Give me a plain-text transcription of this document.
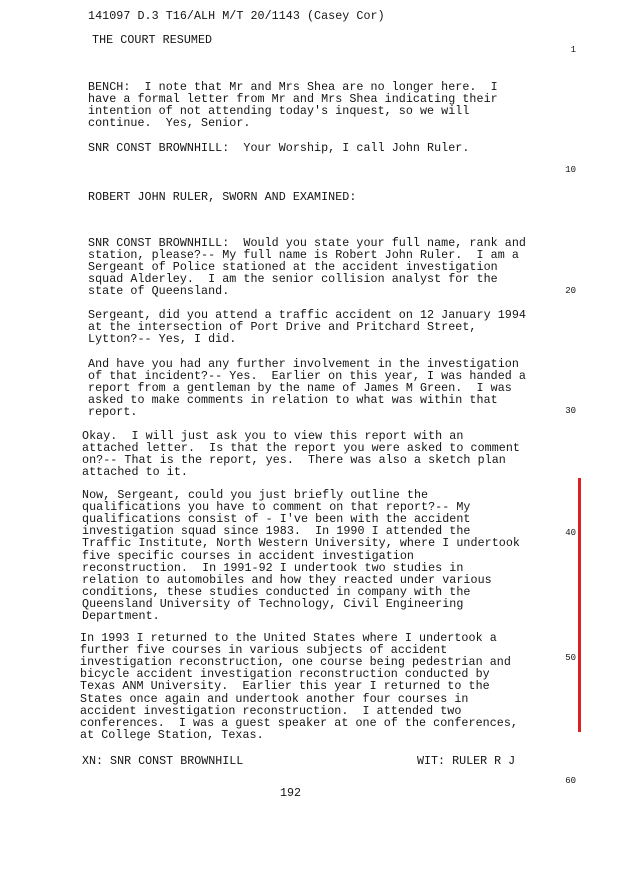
141097 D.3 T16/ALH M/T 20/1143 (Casey Cor)
THE COURT RESUMED
1
10
20
30
40
50
60
BENCH:  I note that Mr and Mrs Shea are no longer here.  I
have a formal letter from Mr and Mrs Shea indicating their
intention of not attending today's inquest, so we will
continue.  Yes, Senior.
SNR CONST BROWNHILL:  Your Worship, I call John Ruler.
ROBERT JOHN RULER, SWORN AND EXAMINED:
SNR CONST BROWNHILL:  Would you state your full name, rank and
station, please?-- My full name is Robert John Ruler.  I am a
Sergeant of Police stationed at the accident investigation
squad Alderley.  I am the senior collision analyst for the
state of Queensland.
Sergeant, did you attend a traffic accident on 12 January 1994
at the intersection of Port Drive and Pritchard Street,
Lytton?-- Yes, I did.
And have you had any further involvement in the investigation
of that incident?-- Yes.  Earlier on this year, I was handed a
report from a gentleman by the name of James M Green.  I was
asked to make comments in relation to what was within that
report.
Okay.  I will just ask you to view this report with an
attached letter.  Is that the report you were asked to comment
on?-- That is the report, yes.  There was also a sketch plan
attached to it.
Now, Sergeant, could you just briefly outline the
qualifications you have to comment on that report?-- My
qualifications consist of - I've been with the accident
investigation squad since 1983.  In 1990 I attended the
Traffic Institute, North Western University, where I undertook
five specific courses in accident investigation
reconstruction.  In 1991-92 I undertook two studies in
relation to automobiles and how they reacted under various
conditions, these studies conducted in company with the
Queensland University of Technology, Civil Engineering
Department.
In 1993 I returned to the United States where I undertook a
further five courses in various subjects of accident
investigation reconstruction, one course being pedestrian and
bicycle accident investigation reconstruction conducted by
Texas ANM University.  Earlier this year I returned to the
States once again and undertook another four courses in
accident investigation reconstruction.  I attended two
conferences.  I was a guest speaker at one of the conferences,
at College Station, Texas.
XN: SNR CONST BROWNHILL	WIT: RULER R J
192
